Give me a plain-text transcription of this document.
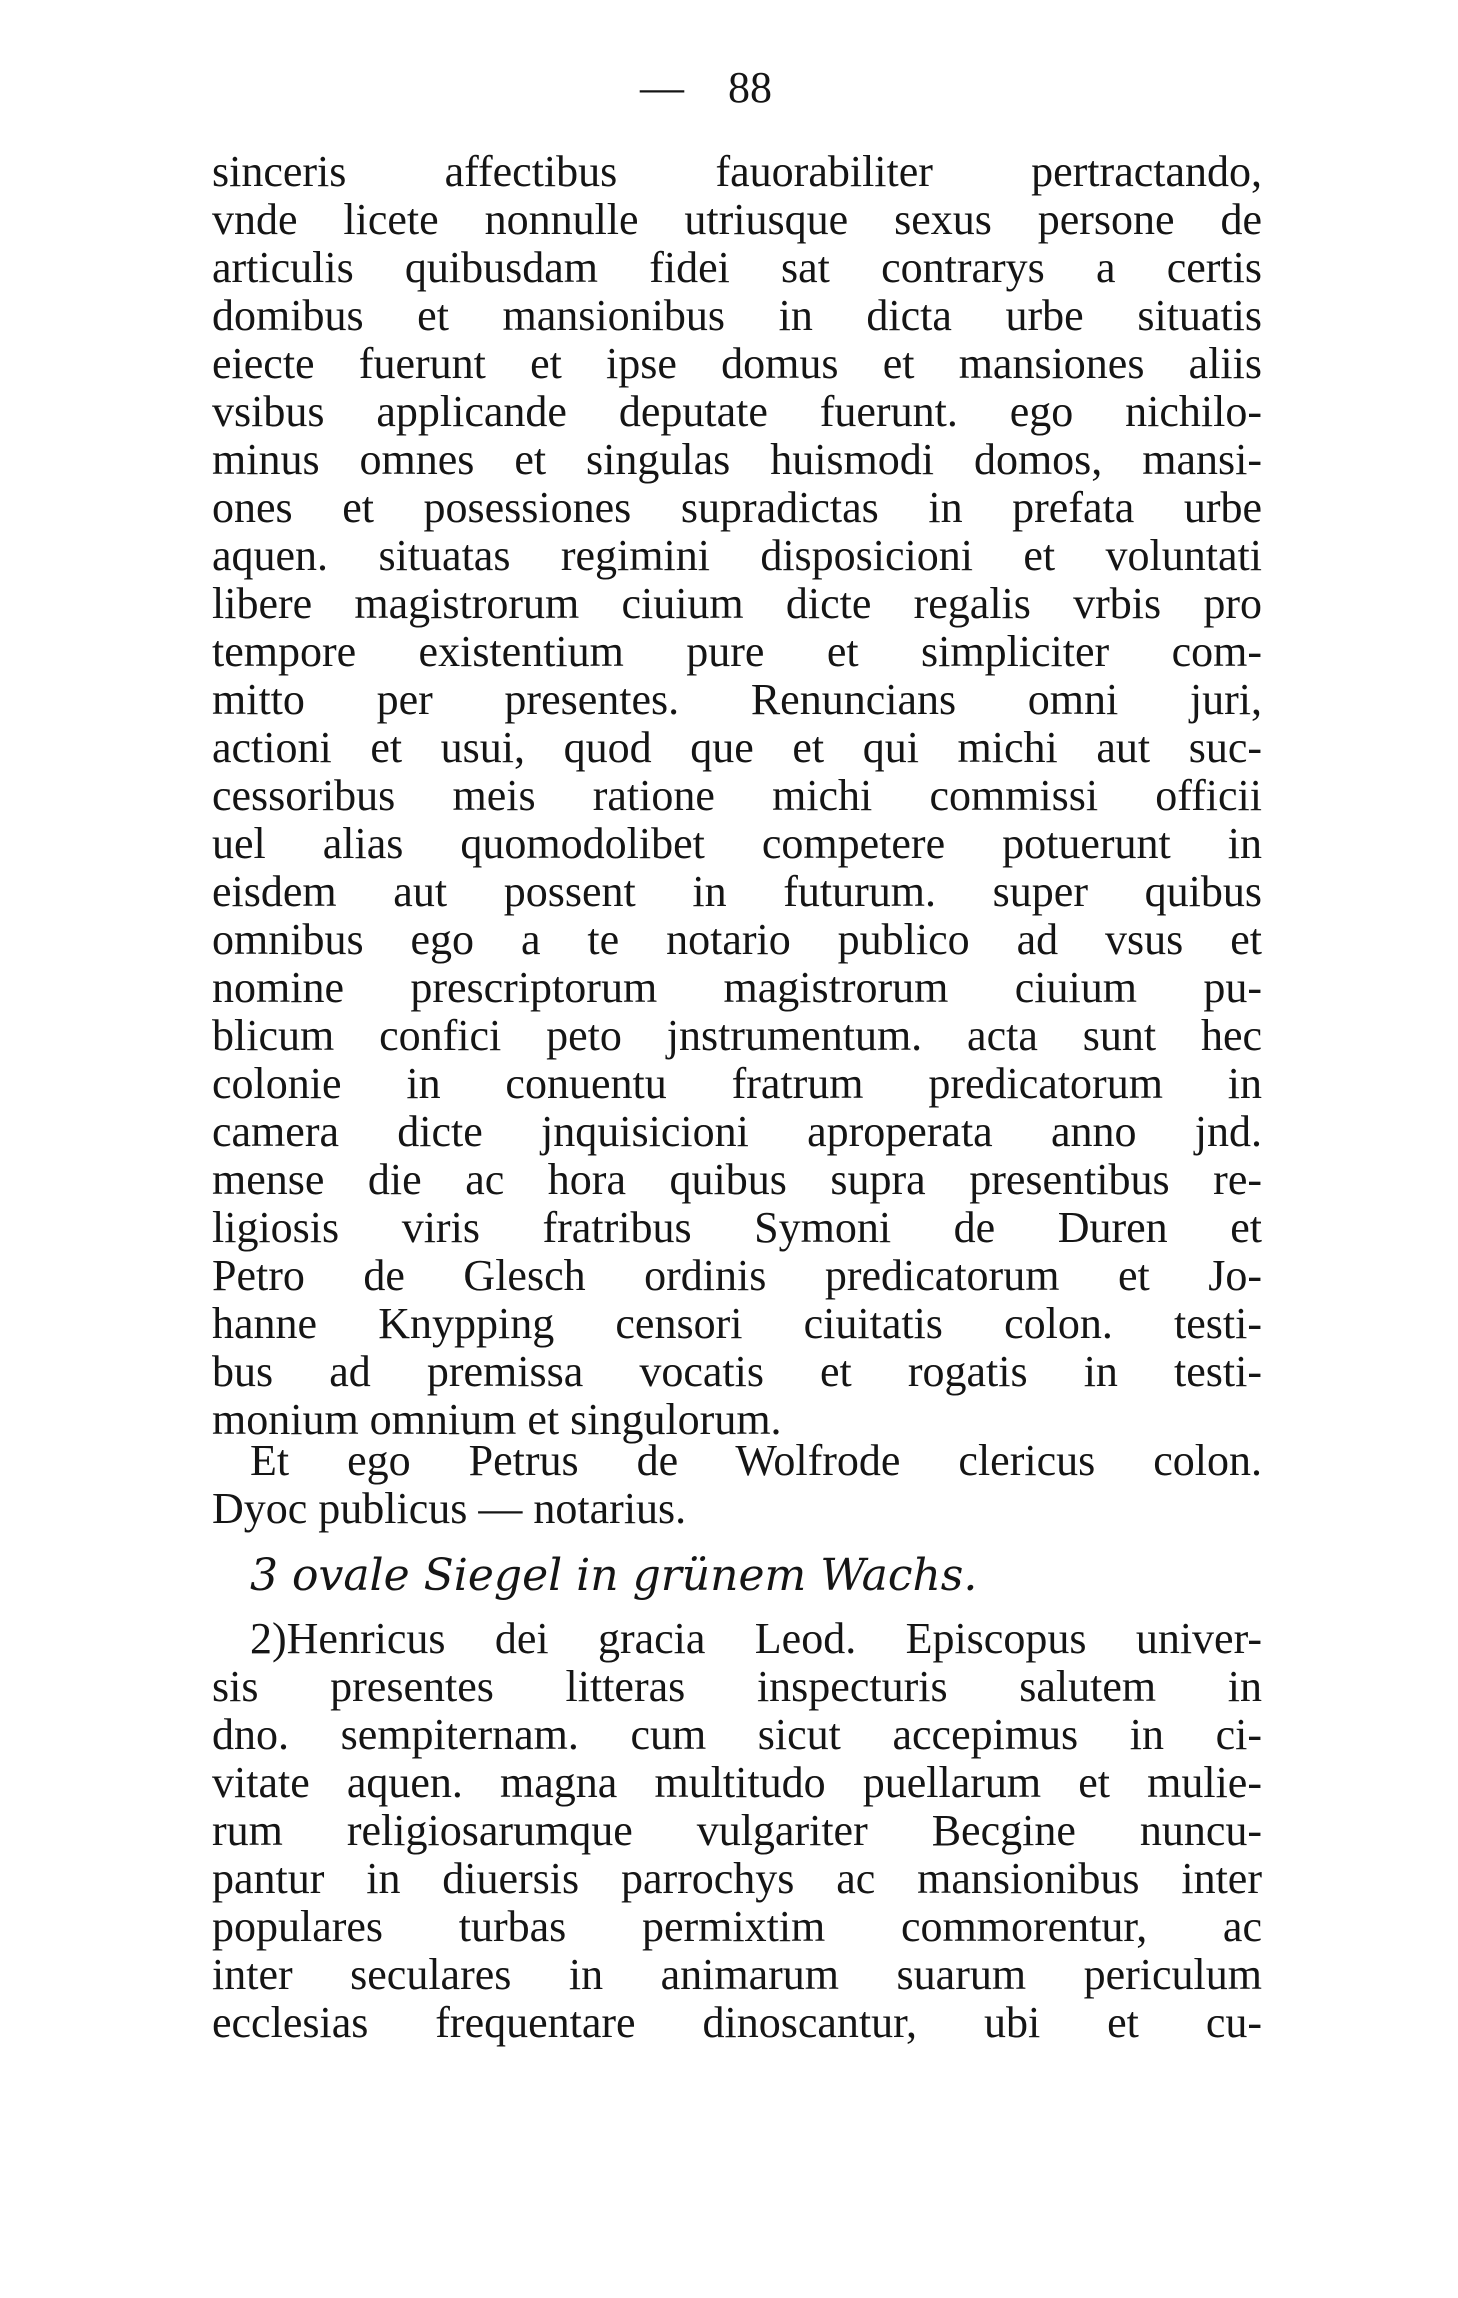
— 88
sinceris affectibus fauorabiliter pertractando,
vnde licete nonnulle utriusque sexus persone de
articulis quibusdam fidei sat contrarys a certis
domibus et mansionibus in dicta urbe situatis
eiecte fuerunt et ipse domus et mansiones aliis
vsibus applicande deputate fuerunt. ego nichilo-
minus omnes et singulas huismodi domos, mansi-
ones et posessiones supradictas in prefata urbe
aquen. situatas regimini disposicioni et voluntati
libere magistrorum ciuium dicte regalis vrbis pro
tempore existentium pure et simpliciter com-
mitto per presentes. Renuncians omni juri,
actioni et usui, quod que et qui michi aut suc-
cessoribus meis ratione michi commissi officii
uel alias quomodolibet competere potuerunt in
eisdem aut possent in futurum. super quibus
omnibus ego a te notario publico ad vsus et
nomine prescriptorum magistrorum ciuium pu-
blicum confici peto jnstrumentum. acta sunt hec
colonie in conuentu fratrum predicatorum in
camera dicte jnquisicioni aproperata anno jnd.
mense die ac hora quibus supra presentibus re-
ligiosis viris fratribus Symoni de Duren et
Petro de Glesch ordinis predicatorum et Jo-
hanne Knypping censori ciuitatis colon. testi-
bus ad premissa vocatis et rogatis in testi-
monium omnium et singulorum.
Et ego Petrus de Wolfrode clericus colon.
Dyoc publicus — notarius.
3 ovale Siegel in grünem Wachs.
2)Henricus dei gracia Leod. Episcopus univer-
sis presentes litteras inspecturis salutem in
dno. sempiternam. cum sicut accepimus in ci-
vitate aquen. magna multitudo puellarum et mulie-
rum religiosarumque vulgariter Becgine nuncu-
pantur in diuersis parrochys ac mansionibus inter
populares turbas permixtim commorentur, ac
inter seculares in animarum suarum periculum
ecclesias frequentare dinoscantur, ubi et cu-
